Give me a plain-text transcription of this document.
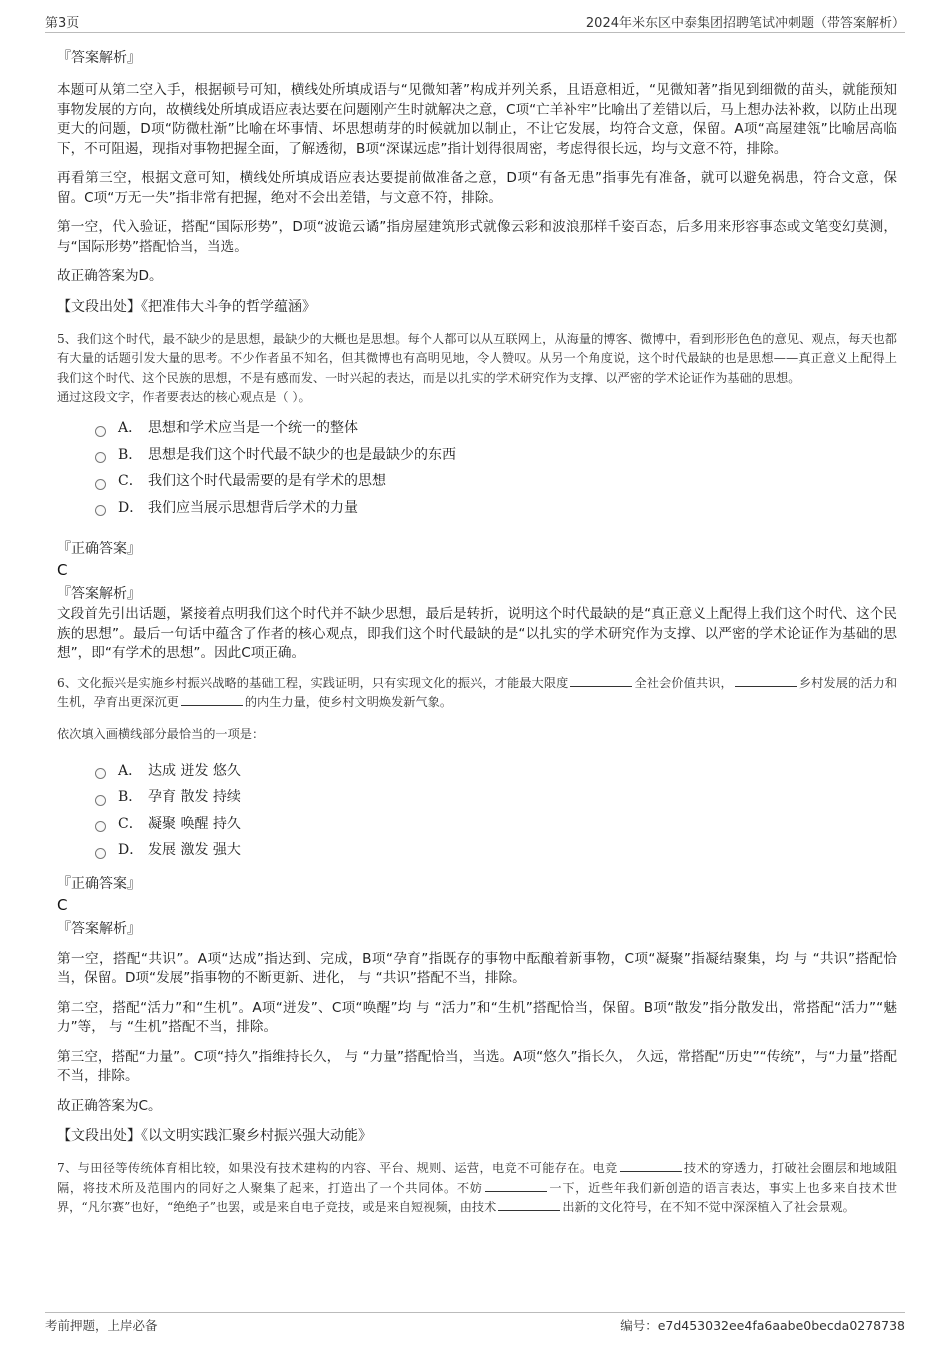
第3页	2024年米东区中泰集团招聘笔试冲刺题（带答案解析）
『答案解析』

本题可从第二空入手，根据顿号可知，横线处所填成语与“见微知著”构成并列关系，且语意相近，“见微知著”指见到细微的苗头，就能预知事物发展的方向，故横线处所填成语应表达要在问题刚产生时就解决之意，C项“亡羊补牢”比喻出了差错以后，马上想办法补救，以防止出现更大的问题，D项“防微杜渐”比喻在坏事情、坏思想萌芽的时候就加以制止，不让它发展，均符合文意，保留。A项“高屋建瓴”比喻居高临下，不可阻遏，现指对事物把握全面，了解透彻，B项“深谋远虑”指计划得很周密，考虑得很长远，均与文意不符，排除。

再看第三空，根据文意可知，横线处所填成语应表达要提前做准备之意，D项“有备无患”指事先有准备，就可以避免祸患，符合文意，保留。C项“万无一失”指非常有把握，绝对不会出差错，与文意不符，排除。

第一空，代入验证，搭配“国际形势”，D项“波诡云谲”指房屋建筑形式就像云彩和波浪那样千姿百态，后多用来形容事态或文笔变幻莫测，与“国际形势”搭配恰当，当选。

故正确答案为D。

【文段出处】《把准伟大斗争的哲学蕴涵》

5、我们这个时代，最不缺少的是思想，最缺少的大概也是思想。每个人都可以从互联网上，从海量的博客、微博中，看到形形色色的意见、观点，每天也都有大量的话题引发大量的思考。不少作者虽不知名，但其微博也有高明见地，令人赞叹。从另一个角度说，这个时代最缺的也是思想——真正意义上配得上我们这个时代、这个民族的思想，不是有感而发、一时兴起的表达，而是以扎实的学术研究作为支撑、以严密的学术论证作为基础的思想。

通过这段文字，作者要表达的核心观点是（ ）。

A． 思想和学术应当是一个统一的整体
B． 思想是我们这个时代最不缺少的也是最缺少的东西
C． 我们这个时代最需要的是有学术的思想
D． 我们应当展示思想背后学术的力量
『正确答案』
C
『答案解析』

文段首先引出话题，紧接着点明我们这个时代并不缺少思想，最后是转折，说明这个时代最缺的是“真正意义上配得上我们这个时代、这个民族的思想”。最后一句话中蕴含了作者的核心观点，即我们这个时代最缺的是“以扎实的学术研究作为支撑、以严密的学术论证作为基础的思想”，即“有学术的思想”。因此C项正确。

6、文化振兴是实施乡村振兴战略的基础工程，实践证明，只有实现文化的振兴，才能最大限度	全社会价值共识，	乡村发展的活力和生机，孕育出更深沉更	的内生力量，使乡村文明焕发新气象。

依次填入画横线部分最恰当的一项是：

A． 达成 迸发 悠久
B． 孕育 散发 持续
C． 凝聚 唤醒 持久
D． 发展 激发 强大
『正确答案』
C
『答案解析』

第一空，搭配“共识”。A项“达成”指达到、完成，B项“孕育”指既存的事物中酝酿着新事物，C项“凝聚”指凝结聚集，均 与 “共识”搭配恰当，保留。D项“发展”指事物的不断更新、进化， 与 “共识”搭配不当，排除。

第二空，搭配“活力”和“生机”。A项“迸发”、C项“唤醒”均 与 “活力”和“生机”搭配恰当，保留。B项“散发”指分散发出，常搭配“活力”“魅力”等， 与 “生机”搭配不当，排除。

第三空，搭配“力量”。C项“持久”指维持长久， 与 “力量”搭配恰当，当选。A项“悠久”指长久， 久远，常搭配“历史”“传统”，与“力量”搭配不当，排除。

故正确答案为C。

【文段出处】《以文明实践汇聚乡村振兴强大动能》

7、与田径等传统体育相比较，如果没有技术建构的内容、平台、规则、运营，电竞不可能存在。电竞	技术的穿透力，打破社会圈层和地域阻隔，将技术所及范围内的同好之人聚集了起来，打造出了一个共同体。不妨	一下，近些年我们新创造的语言表达，事实上也多来自技术世界，“凡尔赛”也好，“绝绝子”也罢，或是来自电子竞技，或是来自短视频，由技术	出新的文化符号，在不知不觉中深深植入了社会景观。

考前押题，上岸必备	编号：e7d453032ee4fa6aabe0becda0278738
